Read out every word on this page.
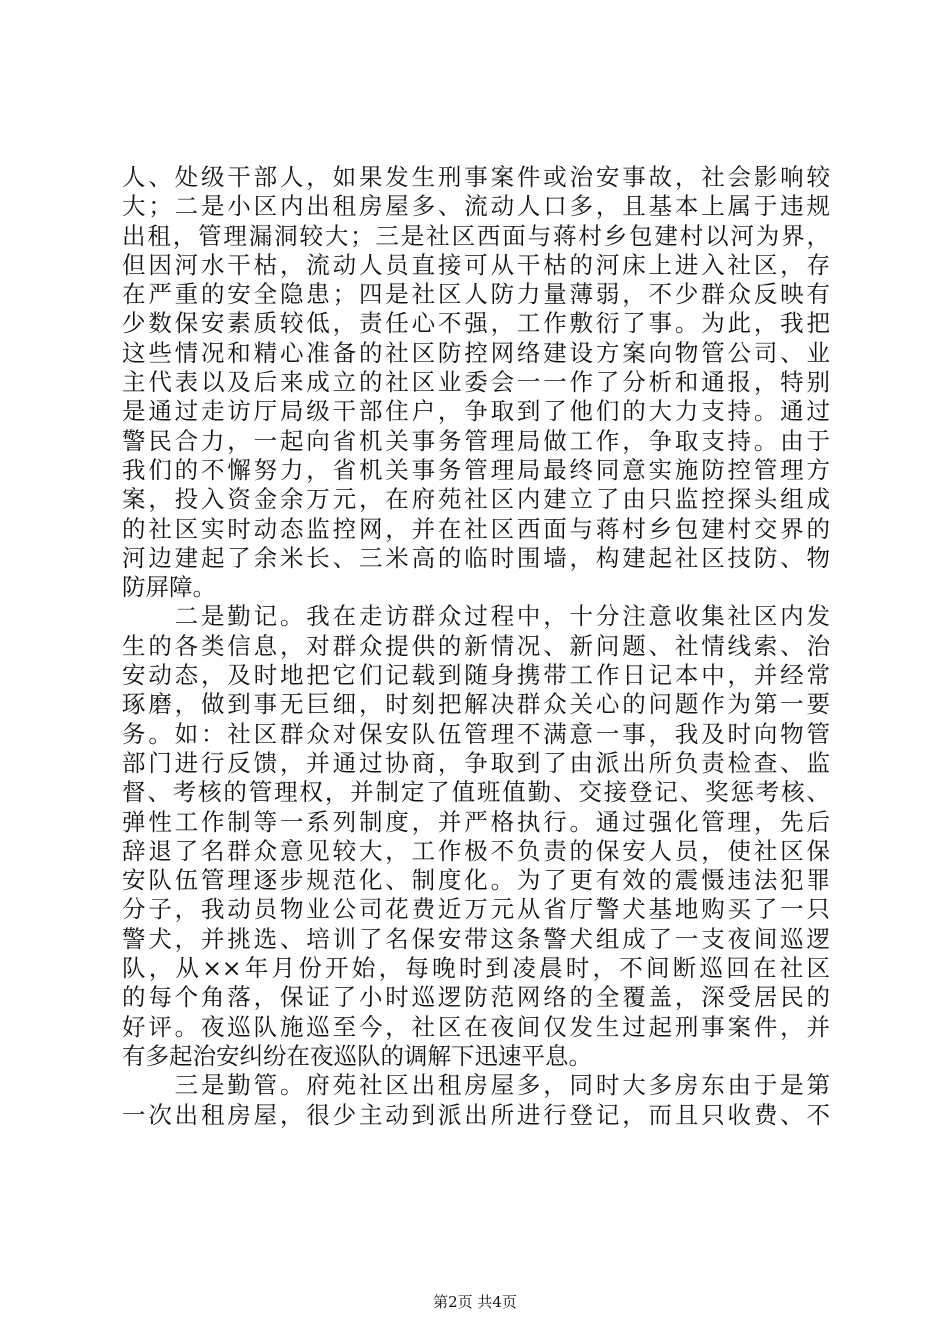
人、处级干部人，如果发生刑事案件或治安事故，社会影响较
大；二是小区内出租房屋多、流动人口多，且基本上属于违规
出租，管理漏洞较大；三是社区西面与蒋村乡包建村以河为界，
但因河水干枯，流动人员直接可从干枯的河床上进入社区，存
在严重的安全隐患；四是社区人防力量薄弱，不少群众反映有
少数保安素质较低，责任心不强，工作敷衍了事。为此，我把
这些情况和精心准备的社区防控网络建设方案向物管公司、业
主代表以及后来成立的社区业委会一一作了分析和通报，特别
是通过走访厅局级干部住户，争取到了他们的大力支持。通过
警民合力，一起向省机关事务管理局做工作，争取支持。由于
我们的不懈努力，省机关事务管理局最终同意实施防控管理方
案，投入资金余万元，在府苑社区内建立了由只监控探头组成
的社区实时动态监控网，并在社区西面与蒋村乡包建村交界的
河边建起了余米长、三米高的临时围墙，构建起社区技防、物
防屏障。
　　二是勤记。我在走访群众过程中，十分注意收集社区内发
生的各类信息，对群众提供的新情况、新问题、社情线索、治
安动态，及时地把它们记载到随身携带工作日记本中，并经常
琢磨，做到事无巨细，时刻把解决群众关心的问题作为第一要
务。如：社区群众对保安队伍管理不满意一事，我及时向物管
部门进行反馈，并通过协商，争取到了由派出所负责检查、监
督、考核的管理权，并制定了值班值勤、交接登记、奖惩考核、
弹性工作制等一系列制度，并严格执行。通过强化管理，先后
辞退了名群众意见较大，工作极不负责的保安人员，使社区保
安队伍管理逐步规范化、制度化。为了更有效的震慑违法犯罪
分子，我动员物业公司花费近万元从省厅警犬基地购买了一只
警犬，并挑选、培训了名保安带这条警犬组成了一支夜间巡逻
队，从××年月份开始，每晚时到凌晨时，不间断巡回在社区
的每个角落，保证了小时巡逻防范网络的全覆盖，深受居民的
好评。夜巡队施巡至今，社区在夜间仅发生过起刑事案件，并
有多起治安纠纷在夜巡队的调解下迅速平息。
　　三是勤管。府苑社区出租房屋多，同时大多房东由于是第
一次出租房屋，很少主动到派出所进行登记，而且只收费、不
第2页 共4页
